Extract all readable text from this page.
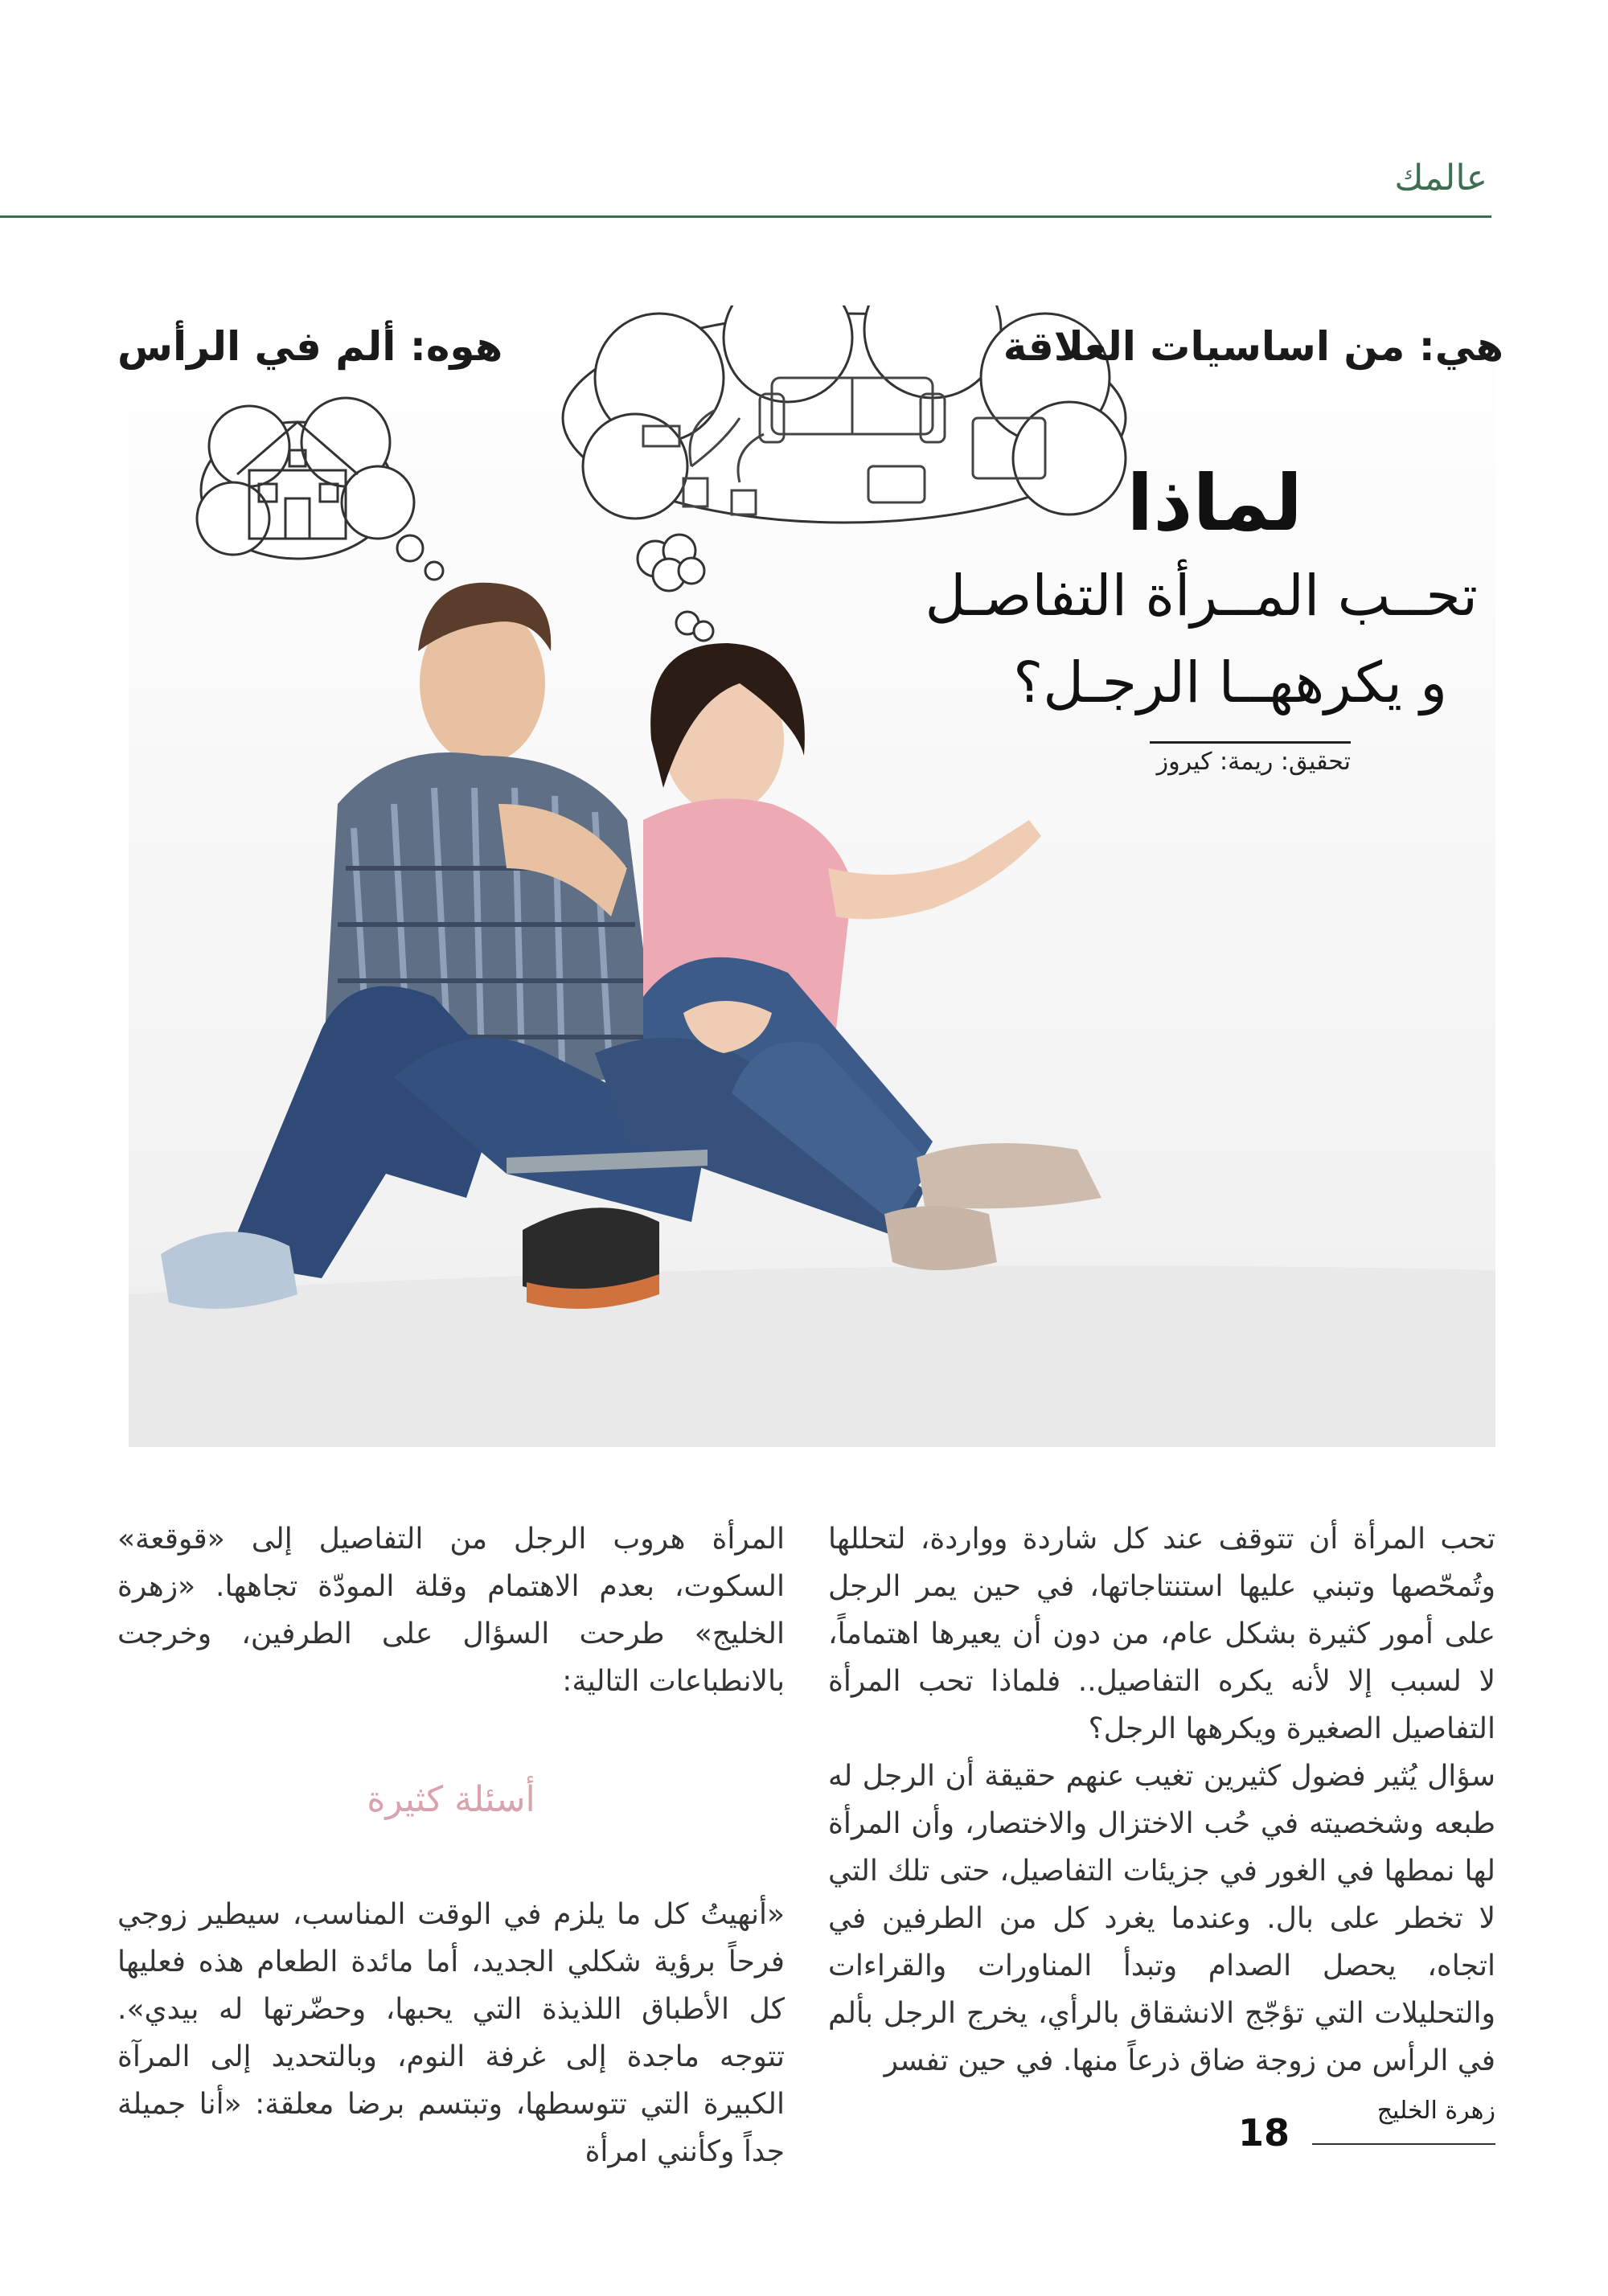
عالمك
هي: من اساسيات العلاقة
هوه: ألم في الرأس
لماذا
تحــب المــرأة التفاصـل
و يكرههــا الرجـل؟
تحقيق: ريمة: كيروز

تحب المرأة أن تتوقف عند كل شاردة وواردة، لتحللها وتُمحّصها وتبني عليها استنتاجاتها، في حين يمر الرجل على أمور كثيرة بشكل عام، من دون أن يعيرها اهتماماً، لا لسبب إلا لأنه يكره التفاصيل.. فلماذا تحب المرأة التفاصيل الصغيرة ويكرهها الرجل؟

سؤال يُثير فضول كثيرين تغيب عنهم حقيقة أن الرجل له طبعه وشخصيته في حُب الاختزال والاختصار، وأن المرأة لها نمطها في الغور في جزيئات التفاصيل، حتى تلك التي لا تخطر على بال. وعندما يغرد كل من الطرفين في اتجاه، يحصل الصدام وتبدأ المناورات والقراءات والتحليلات التي تؤجّج الانشقاق بالرأي، يخرج الرجل بألم في الرأس من زوجة ضاق ذرعاً منها. في حين تفسر

المرأة هروب الرجل من التفاصيل إلى «قوقعة» السكوت، بعدم الاهتمام وقلة المودّة تجاهها. «زهرة الخليج» طرحت السؤال على الطرفين، وخرجت بالانطباعات التالية:

أسئلة كثيرة

«أنهيتُ كل ما يلزم في الوقت المناسب، سيطير زوجي فرحاً برؤية شكلي الجديد، أما مائدة الطعام هذه فعليها كل الأطباق اللذيذة التي يحبها، وحضّرتها له بيدي». تتوجه ماجدة إلى غرفة النوم، وبالتحديد إلى المرآة الكبيرة التي تتوسطها، وتبتسم برضا معلقة: «أنا جميلة جداً وكأنني امرأة

زهرة الخليج
18
